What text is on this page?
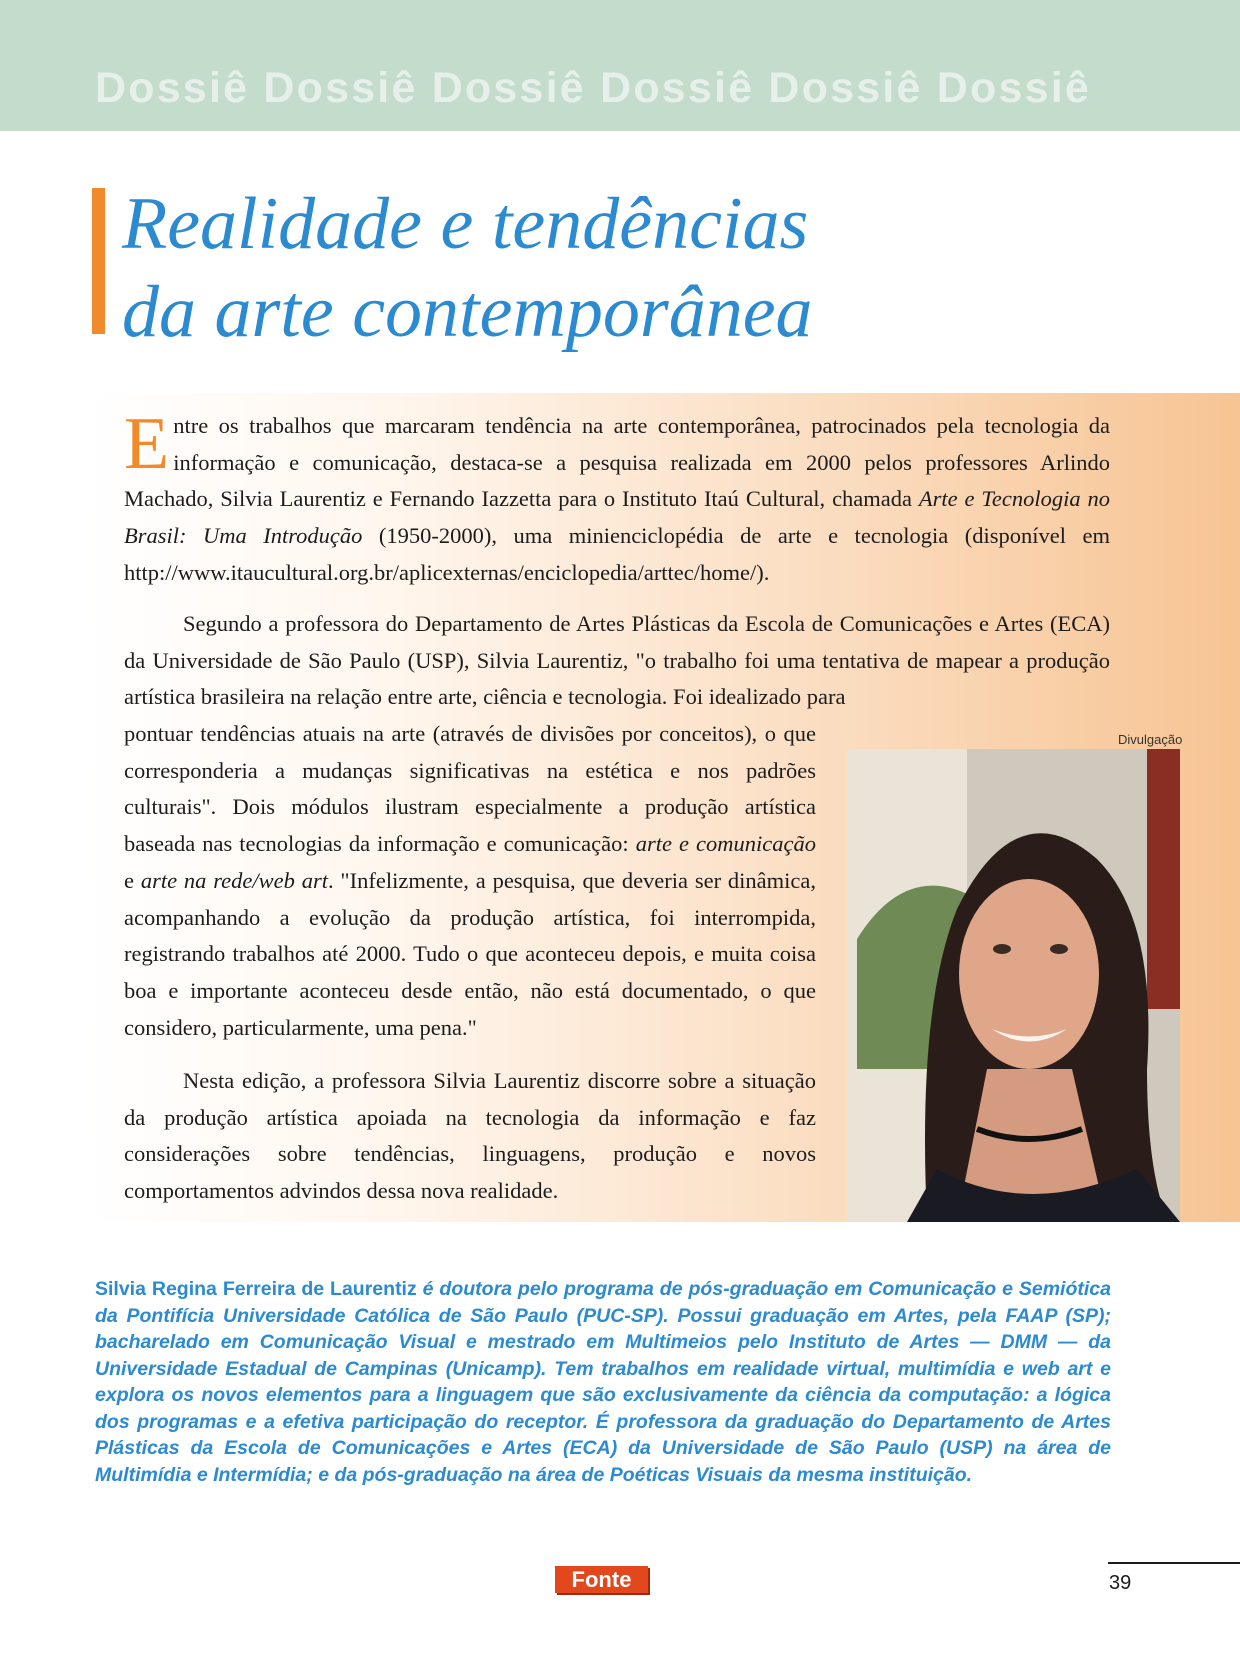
Dossiê Dossiê Dossiê Dossiê Dossiê Dossiê
Realidade e tendências
da arte contemporânea

Entre os trabalhos que marcaram tendência na arte contemporânea, patrocinados pela tecnologia da informação e comunicação, destaca-se a pesquisa realizada em 2000 pelos professores Arlindo Machado, Silvia Laurentiz e Fernando Iazzetta para o Instituto Itaú Cultural, chamada Arte e Tecnologia no Brasil: Uma Introdução (1950-2000), uma minienciclopédia de arte e tecnologia (disponível em http://www.itaucultural.org.br/aplicexternas/enciclopedia/arttec/home/).

Segundo a professora do Departamento de Artes Plásticas da Escola de Comunicações e Artes (ECA) da Universidade de São Paulo (USP), Silvia Laurentiz, "o trabalho foi uma tentativa de mapear a produção artística brasileira na relação entre arte, ciência e tecnologia. Foi idealizado para

pontuar tendências atuais na arte (através de divisões por conceitos), o que corresponderia a mudanças significativas na estética e nos padrões culturais". Dois módulos ilustram especialmente a produção artística baseada nas tecnologias da informação e comunicação: arte e comunicação e arte na rede/web art. "Infelizmente, a pesquisa, que deveria ser dinâmica, acompanhando a evolução da produção artística, foi interrompida, registrando trabalhos até 2000. Tudo o que aconteceu depois, e muita coisa boa e importante aconteceu desde então, não está documentado, o que considero, particularmente, uma pena."

Nesta edição, a professora Silvia Laurentiz discorre sobre a situação da produção artística apoiada na tecnologia da informação e faz considerações sobre tendências, linguagens, produção e novos comportamentos advindos dessa nova realidade.

Divulgação

Silvia Regina Ferreira de Laurentiz é doutora pelo programa de pós-graduação em Comunicação e Semiótica da Pontifícia Universidade Católica de São Paulo (PUC-SP). Possui graduação em Artes, pela FAAP (SP); bacharelado em Comunicação Visual e mestrado em Multimeios pelo Instituto de Artes — DMM — da Universidade Estadual de Campinas (Unicamp). Tem trabalhos em realidade virtual, multimídia e web art e explora os novos elementos para a linguagem que são exclusivamente da ciência da computação: a lógica dos programas e a efetiva participação do receptor. É professora da graduação do Departamento de Artes Plásticas da Escola de Comunicações e Artes (ECA) da Universidade de São Paulo (USP) na área de Multimídia e Intermídia; e da pós-graduação na área de Poéticas Visuais da mesma instituição.

Fonte	39
